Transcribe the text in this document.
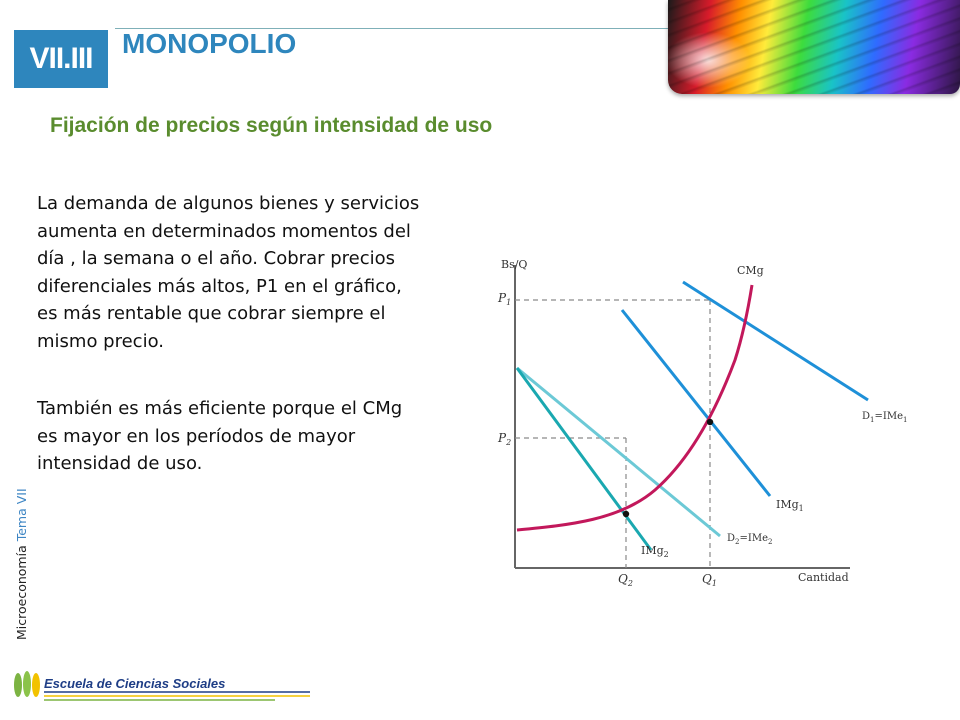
VII.III	MONOPOLIO
Fijación de precios según intensidad de uso
La demanda de algunos bienes y servicios aumenta en determinados momentos del día , la semana o el año. Cobrar precios diferenciales más altos, P1 en el gráfico, es más rentable que cobrar siempre el mismo precio.
También es más eficiente porque el CMg es mayor en los períodos de mayor intensidad de uso.
Microeconomía Tema VII
Escuela de Ciencias Sociales
Bs/Q
Cantidad
$P_1$
$P_2$
$Q_1$
$Q_2$
CMg
$D_1=IMe_1$
IMg$_1$
$D_2=IMe_2$
IMg$_2$
